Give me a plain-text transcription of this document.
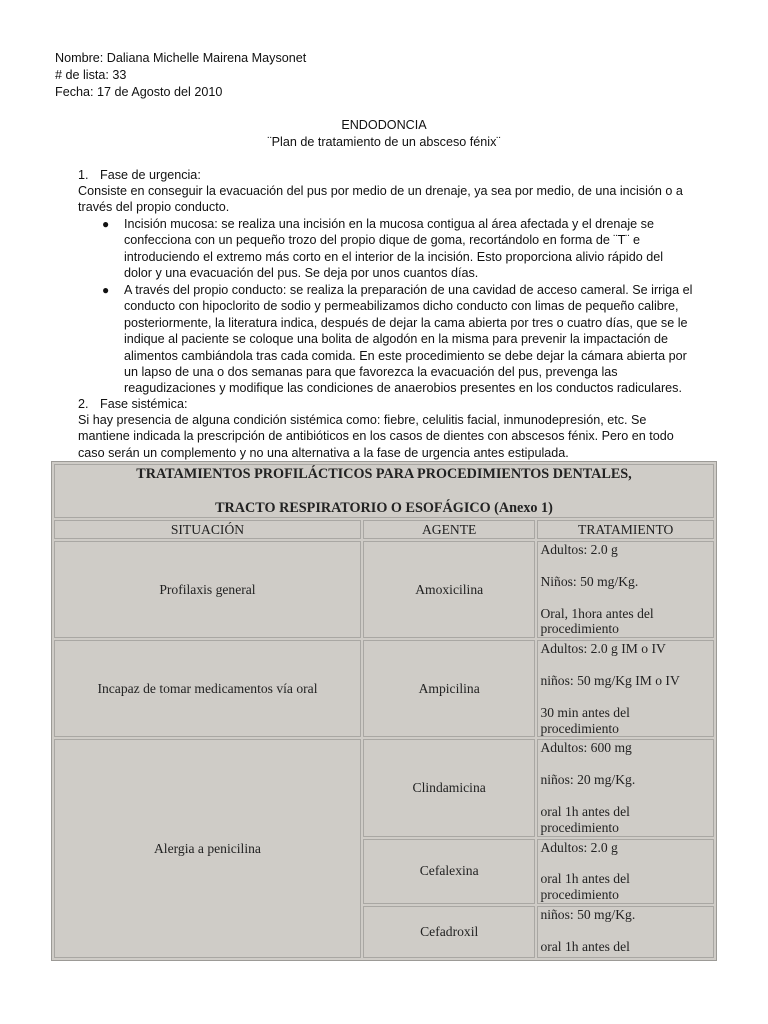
Nombre: Daliana Michelle Mairena Maysonet
# de lista: 33
Fecha: 17 de Agosto del 2010
ENDODONCIA
¨Plan de tratamiento de un absceso fénix¨
1. Fase de urgencia:
Consiste en conseguir la evacuación del pus por medio de un drenaje, ya sea por medio, de una incisión o a
través del propio conducto.
● Incisión mucosa: se realiza una incisión en la mucosa contigua al área afectada y el drenaje se
confecciona con un pequeño trozo del propio dique de goma, recortándolo en forma de ¨T¨ e
introduciendo el extremo más corto en el interior de la incisión. Esto proporciona alivio rápido del
dolor y una evacuación del pus. Se deja por unos cuantos días.
● A través del propio conducto: se realiza la preparación de una cavidad de acceso cameral. Se irriga el
conducto con hipoclorito de sodio y permeabilizamos dicho conducto con limas de pequeño calibre,
posteriormente, la literatura indica, después de dejar la cama abierta por tres o cuatro días, que se le
indique al paciente se coloque una bolita de algodón en la misma para prevenir la impactación de
alimentos cambiándola tras cada comida. En este procedimiento se debe dejar la cámara abierta por
un lapso de una o dos semanas para que favorezca la evacuación del pus, prevenga las
reagudizaciones y modifique las condiciones de anaerobios presentes en los conductos radiculares.
2. Fase sistémica:
Si hay presencia de alguna condición sistémica como: fiebre, celulitis facial, inmunodepresión, etc. Se
mantiene indicada la prescripción de antibióticos en los casos de dientes con abscesos fénix. Pero en todo
caso serán un complemento y no una alternativa a la fase de urgencia antes estipulada.
TRATAMIENTOS PROFILÁCTICOS PARA PROCEDIMIENTOS DENTALES,
TRACTO RESPIRATORIO O ESOFÁGICO (Anexo 1)		

SITUACIÓN	AGENTE	TRATAMIENTO
Profilaxis general	Amoxicilina	Adultos: 2.0 g

Niños: 50 mg/Kg.

Oral, 1hora antes del procedimiento

Incapaz de tomar medicamentos vía oral	Ampicilina	Adultos: 2.0 g IM o IV

niños: 50 mg/Kg IM o IV

30 min antes del procedimiento

Alergia a penicilina	Clindamicina	Adultos: 600 mg

niños: 20 mg/Kg.

oral 1h antes del procedimiento

	Cefalexina	Adultos: 2.0 g

oral 1h antes del procedimiento

	Cefadroxil	niños: 50 mg/Kg.

oral 1h antes del
